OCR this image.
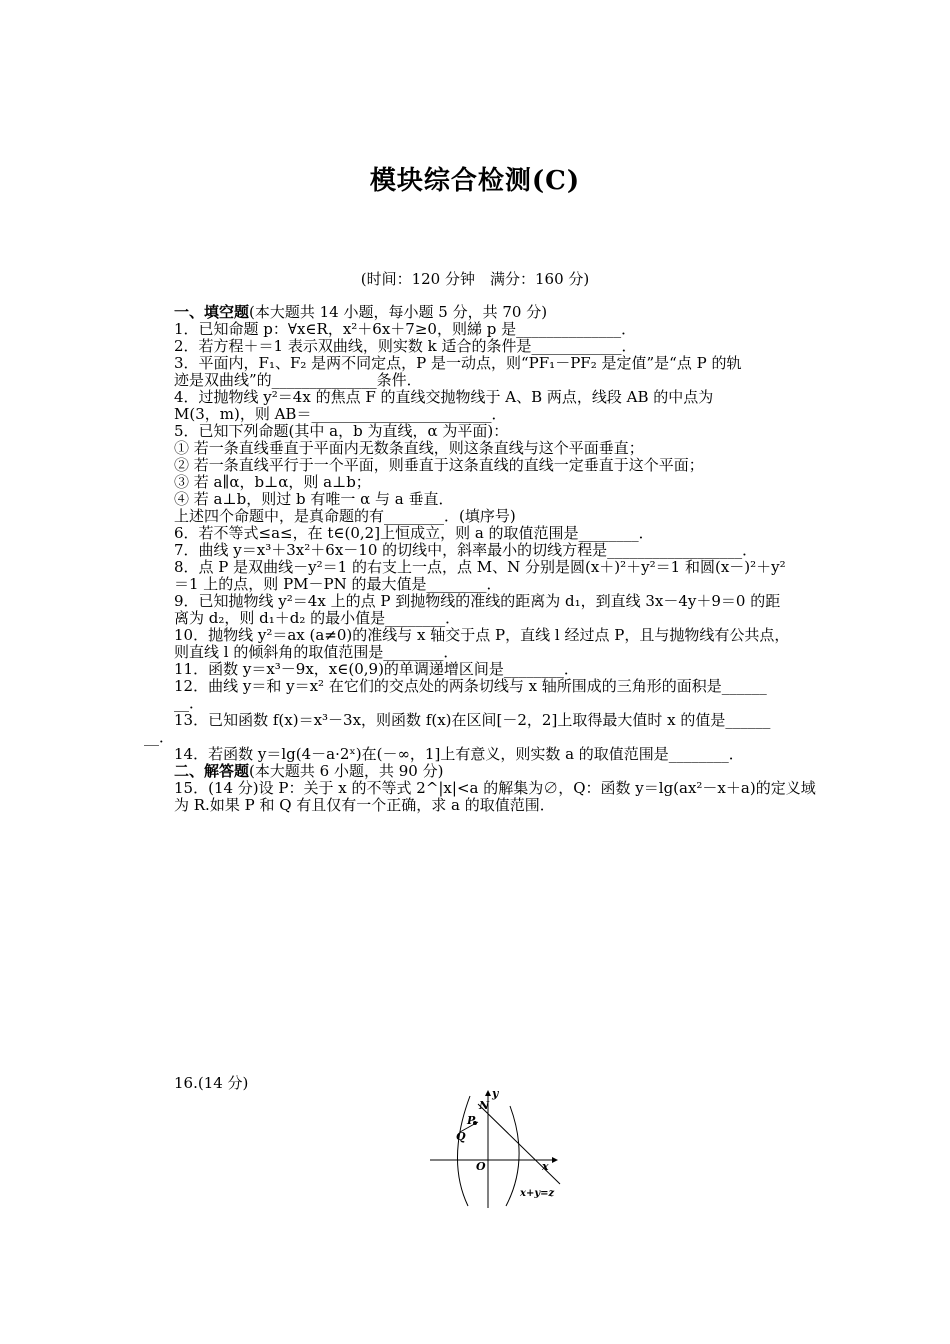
模块综合检测(C)
(时间：120 分钟　满分：160 分)
一、填空题(本大题共 14 小题，每小题 5 分，共 70 分)
1．已知命题 p：∀x∈R，x²＋6x＋7≥0，则綈 p 是______________．
2．若方程＋＝1 表示双曲线，则实数 k 适合的条件是____________．
3．平面内，F₁、F₂ 是两不同定点，P 是一动点，则“PF₁－PF₂ 是定值”是“点 P 的轨
迹是双曲线”的______________条件．
4．过抛物线 y²＝4x 的焦点 F 的直线交抛物线于 A、B 两点，线段 AB 的中点为
M(3，m)，则 AB＝________________________．
5．已知下列命题(其中 a，b 为直线，α 为平面)：
① 若一条直线垂直于平面内无数条直线，则这条直线与这个平面垂直；
② 若一条直线平行于一个平面，则垂直于这条直线的直线一定垂直于这个平面；
③ 若 a∥α，b⊥α，则 a⊥b；
④ 若 a⊥b，则过 b 有唯一 α 与 a 垂直．
上述四个命题中，是真命题的有________．(填序号)
6．若不等式≤a≤，在 t∈(0,2]上恒成立，则 a 的取值范围是________．
7．曲线 y＝x³＋3x²＋6x－10 的切线中，斜率最小的切线方程是__________________．
8．点 P 是双曲线－y²＝1 的右支上一点，点 M、N 分别是圆(x＋)²＋y²＝1 和圆(x－)²＋y²
＝1 上的点，则 PM－PN 的最大值是________．
9．已知抛物线 y²＝4x 上的点 P 到抛物线的准线的距离为 d₁，到直线 3x－4y＋9＝0 的距
离为 d₂，则 d₁＋d₂ 的最小值是________．
10．抛物线 y²＝ax (a≠0)的准线与 x 轴交于点 P，直线 l 经过点 P，且与抛物线有公共点，
则直线 l 的倾斜角的取值范围是________．
11．函数 y＝x³－9x，x∈(0,9)的单调递增区间是________．
12．曲线 y＝和 y＝x² 在它们的交点处的两条切线与 x 轴所围成的三角形的面积是______
__．
13．已知函数 f(x)＝x³－3x，则函数 f(x)在区间[－2，2]上取得最大值时 x 的值是______
__．
14．若函数 y＝lg(4－a·2ˣ)在(－∞，1]上有意义，则实数 a 的取值范围是________．
二、解答题(本大题共 6 小题，共 90 分)
15．(14 分)设 P：关于 x 的不等式 2^|x|<a 的解集为∅，Q：函数 y＝lg(ax²－x＋a)的定义域
为 R.如果 P 和 Q 有且仅有一个正确，求 a 的取值范围．
16.(14 分)
y
N
P
Q
O	x
x+y=z
